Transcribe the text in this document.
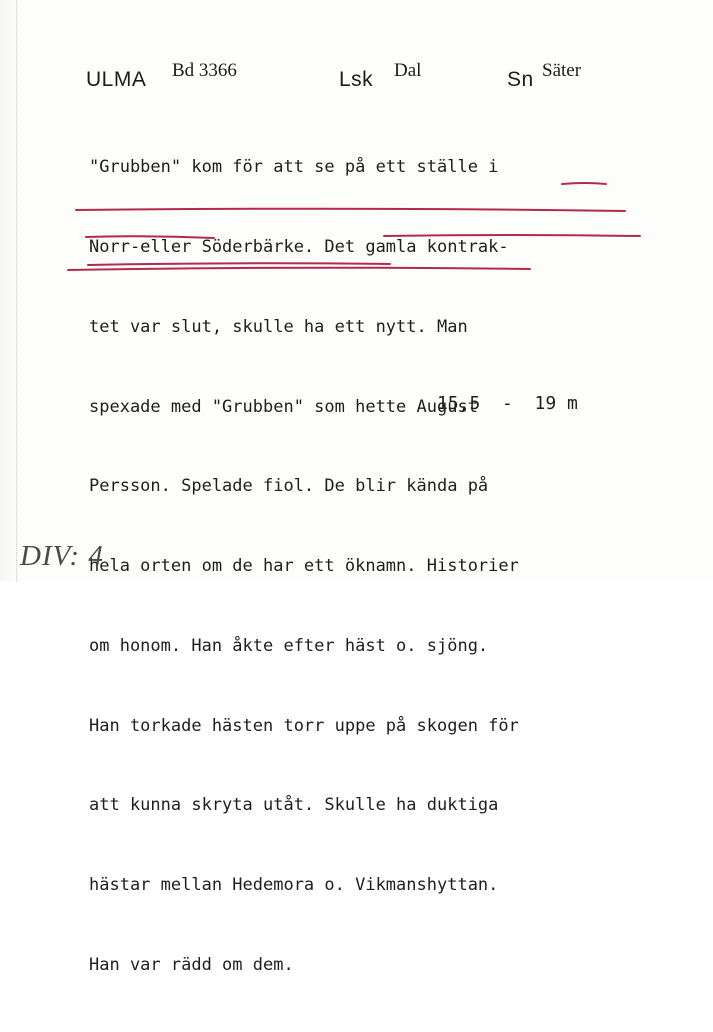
ULMA Bd 3366	Lsk Dal	Sn Säter

"Grubben" kom för att se på ett ställe i

Norr-eller Söderbärke. Det gamla kontrak-

tet var slut, skulle ha ett nytt. Man

spexade med "Grubben" som hette August

Persson. Spelade fiol. De blir kända på

hela orten om de har ett öknamn. Historier

om honom. Han åkte efter häst o. sjöng.

Han torkade hästen torr uppe på skogen för

att kunna skryta utåt. Skulle ha duktiga

hästar mellan Hedemora o. Vikmanshyttan.

Han var rädd om dem.

15,5  -  19 m
DIV: 4
